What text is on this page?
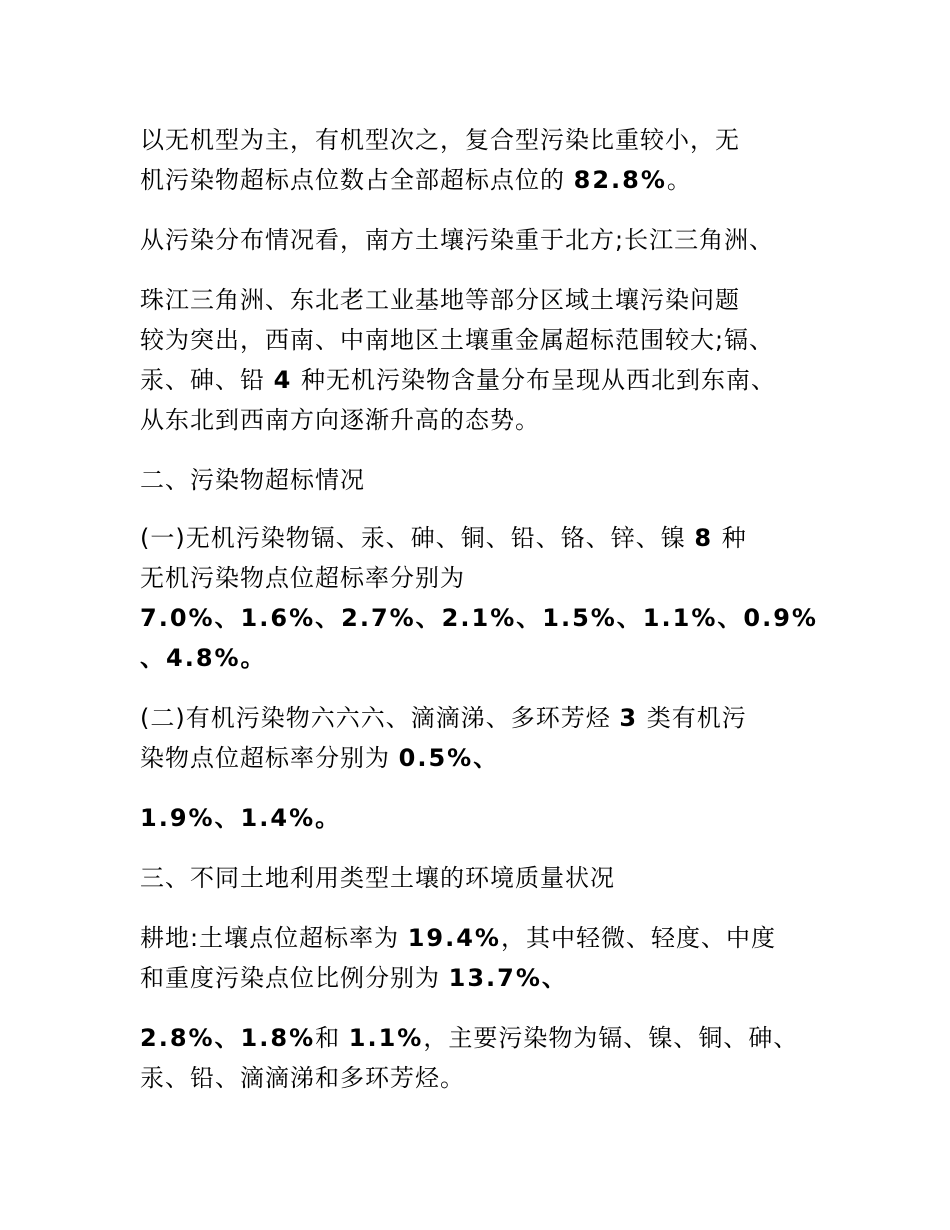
以无机型为主，有机型次之，复合型污染比重较小，无
机污染物超标点位数占全部超标点位的 82.8%。
从污染分布情况看，南方土壤污染重于北方;长江三角洲、
珠江三角洲、东北老工业基地等部分区域土壤污染问题
较为突出，西南、中南地区土壤重金属超标范围较大;镉、
汞、砷、铅 4 种无机污染物含量分布呈现从西北到东南、
从东北到西南方向逐渐升高的态势。
二、污染物超标情况
(一)无机污染物镉、汞、砷、铜、铅、铬、锌、镍 8 种
无机污染物点位超标率分别为
7.0%、1.6%、2.7%、2.1%、1.5%、1.1%、0.9%
、4.8%。
(二)有机污染物六六六、滴滴涕、多环芳烃 3 类有机污
染物点位超标率分别为 0.5%、
1.9%、1.4%。
三、不同土地利用类型土壤的环境质量状况
耕地:土壤点位超标率为 19.4%，其中轻微、轻度、中度
和重度污染点位比例分别为 13.7%、
2.8%、1.8%和 1.1%，主要污染物为镉、镍、铜、砷、
汞、铅、滴滴涕和多环芳烃。
